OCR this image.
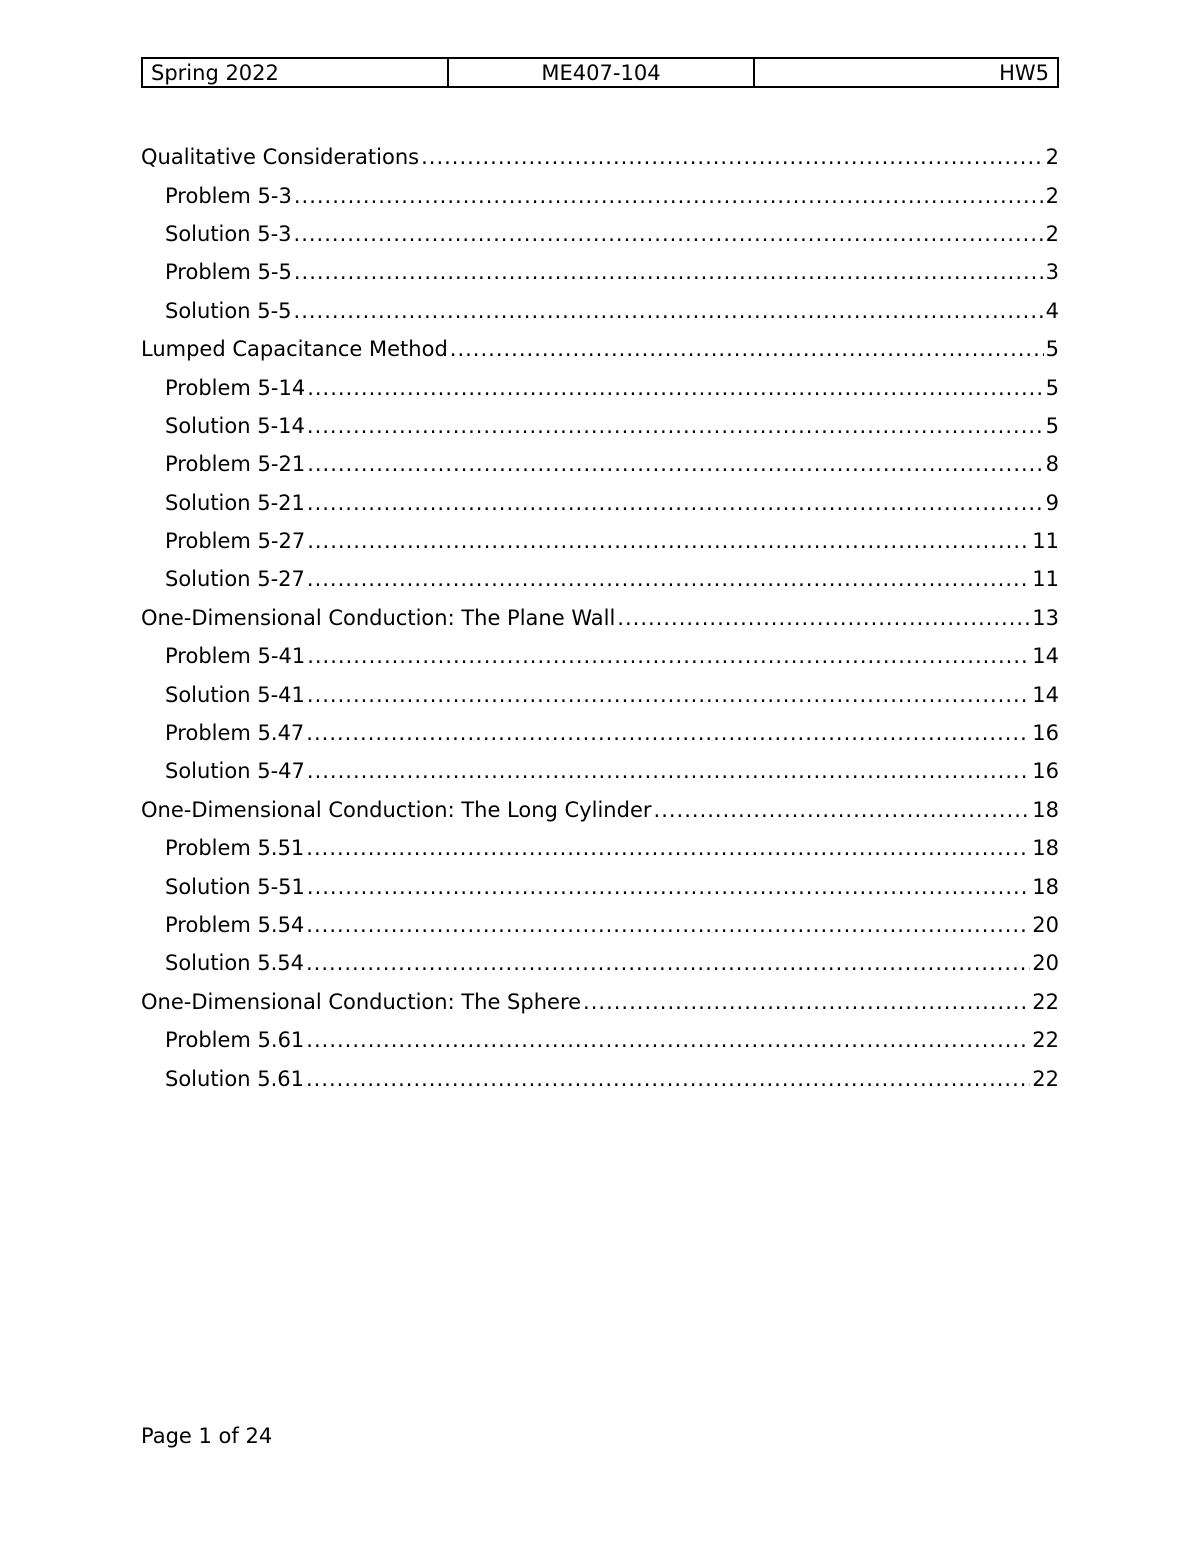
Spring 2022	ME407-104	HW5
Qualitative Considerations .....	2
Problem 5-3 .....	2
Solution 5-3 .....	2
Problem 5-5 .....	3
Solution 5-5 .....	4
Lumped Capacitance Method .....	5
Problem 5-14 .....	5
Solution 5-14 .....	5
Problem 5-21 .....	8
Solution 5-21 .....	9
Problem 5-27 .....	11
Solution 5-27 .....	11
One-Dimensional Conduction: The Plane Wall .....	13
Problem 5-41 .....	14
Solution 5-41 .....	14
Problem 5.47 .....	16
Solution 5-47 .....	16
One-Dimensional Conduction: The Long Cylinder .....	18
Problem 5.51 .....	18
Solution 5-51 .....	18
Problem 5.54 .....	20
Solution 5.54 .....	20
One-Dimensional Conduction: The Sphere .....	22
Problem 5.61 .....	22
Solution 5.61 .....	22
Page 1 of 24
